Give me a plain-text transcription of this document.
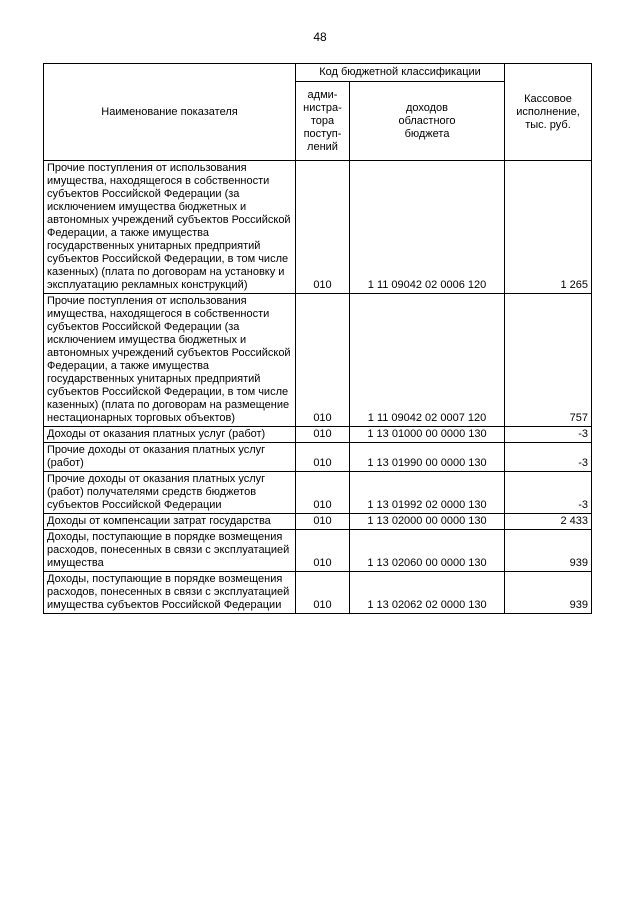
48
Наименование показателя	Код бюджетной классификации		Кассовое
исполнение,
тыс. руб.
	адми-
нистра-
тора
поступ-
лений	доходов
областного
бюджета	
Прочие поступления от использования имущества, находящегося в собственности субъектов Российской Федерации (за исключением имущества бюджетных и автономных учреждений субъектов Российской Федерации, а также имущества государственных унитарных предприятий субъектов Российской Федерации, в том числе казенных) (плата по договорам на установку и эксплуатацию рекламных конструкций)	010	1 11 09042 02 0006 120	1 265
Прочие поступления от использования имущества, находящегося в собственности субъектов Российской Федерации (за исключением имущества бюджетных и автономных учреждений субъектов Российской Федерации, а также имущества государственных унитарных предприятий субъектов Российской Федерации, в том числе казенных) (плата по договорам на размещение нестационарных торговых объектов)	010	1 11 09042 02 0007 120	757
Доходы от оказания платных услуг (работ)	010	1 13 01000 00 0000 130	-3
Прочие доходы от оказания платных услуг (работ)	010	1 13 01990 00 0000 130	-3
Прочие доходы от оказания платных услуг (работ) получателями средств бюджетов субъектов Российской Федерации	010	1 13 01992 02 0000 130	-3
Доходы от компенсации затрат государства	010	1 13 02000 00 0000 130	2 433
Доходы, поступающие в порядке возмещения расходов, понесенных в связи с эксплуатацией имущества	010	1 13 02060 00 0000 130	939
Доходы, поступающие в порядке возмещения расходов, понесенных в связи с эксплуатацией имущества субъектов Российской Федерации	010	1 13 02062 02 0000 130	939
